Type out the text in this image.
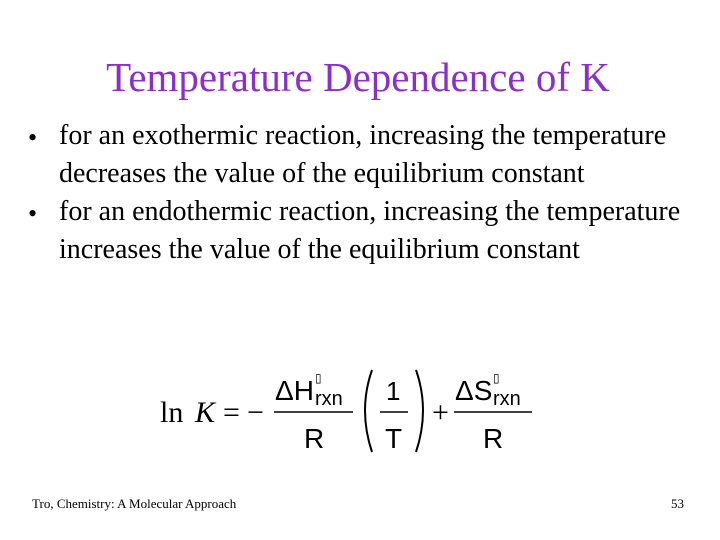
Temperature Dependence of K
• for an exothermic reaction, increasing the temperature decreases the value of the equilibrium constant
• for an endothermic reaction, increasing the temperature increases the value of the equilibrium constant
ln K = −
ΔH ▯
rxn
R
1
T
+
ΔS ▯
rxn
R
Tro, Chemistry: A Molecular Approach	53
